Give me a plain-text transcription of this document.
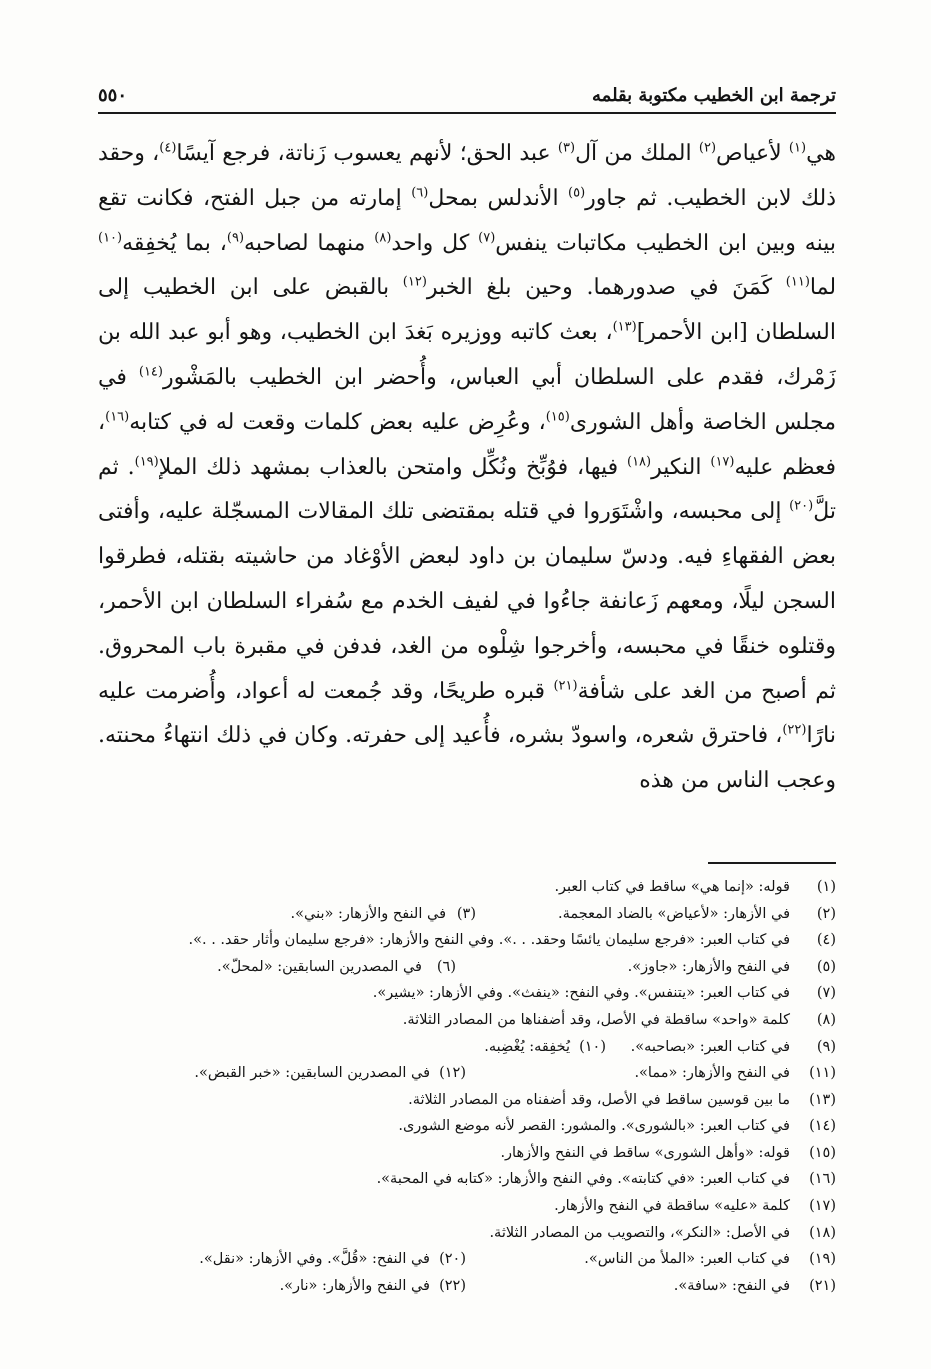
ترجمة ابن الخطيب مكتوبة بقلمه
٥٥٠

هي$^{(١)}$ لأعياص$^{(٢)}$ الملك من آل$^{(٣)}$ عبد الحق؛ لأنهم يعسوب زَناتة، فرجع آيسًا$^{(٤)}$، وحقد ذلك لابن الخطيب. ثم جاور$^{(٥)}$ الأندلس بمحل$^{(٦)}$ إمارته من جبل الفتح، فكانت تقع بينه وبين ابن الخطيب مكاتبات ينفس$^{(٧)}$ كل واحد$^{(٨)}$ منهما لصاحبه$^{(٩)}$، بما يُخفِقه$^{(١٠)}$ لما$^{(١١)}$ كَمَنَ في صدورهما. وحين بلغ الخبر$^{(١٢)}$ بالقبض على ابن الخطيب إلى السلطان [ابن الأحمر]$^{(١٣)}$، بعث كاتبه ووزيره بَغدَ ابن الخطيب، وهو أبو عبد الله بن زَمْرك، فقدم على السلطان أبي العباس، وأُحضر ابن الخطيب بالمَشْور$^{(١٤)}$ في مجلس الخاصة وأهل الشورى$^{(١٥)}$، وعُرِض عليه بعض كلمات وقعت له في كتابه$^{(١٦)}$، فعظم عليه$^{(١٧)}$ النكير$^{(١٨)}$ فيها، فوُبِّخ ونُكِّل وامتحن بالعذاب بمشهد ذلك الملإ$^{(١٩)}$. ثم تلَّ$^{(٢٠)}$ إلى محبسه، واشْتَوَروا في قتله بمقتضى تلك المقالات المسجّلة عليه، وأفتى بعض الفقهاءِ فيه. ودسّ سليمان بن داود لبعض الأوْغاد من حاشيته بقتله، فطرقوا السجن ليلًا، ومعهم زَعانفة جاءُوا في لفيف الخدم مع سُفراء السلطان ابن الأحمر، وقتلوه خنقًا في محبسه، وأخرجوا شِلْوه من الغد، فدفن في مقبرة باب المحروق. ثم أصبح من الغد على شأفة$^{(٢١)}$ قبره طريحًا، وقد جُمعت له أعواد، وأُضرمت عليه نارًا$^{(٢٢)}$، فاحترق شعره، واسودّ بشره، فأُعيد إلى حفرته. وكان في ذلك انتهاءُ محنته. وعجب الناس من هذه

(١)
قوله: «إنما هي» ساقط في كتاب العبر.
(٢)
في الأزهار: «لأعياض» بالضاد المعجمة.
(٣)
في النفح والأزهار: «بني».
(٤)
في كتاب العبر: «فرجع سليمان يائسًا وحقد. . .». وفي النفح والأزهار: «فرجع سليمان وأثار حقد. . .».
(٥)
في النفح والأزهار: «جاوز».
(٦)
في المصدرين السابقين: «لمحلّ».
(٧)
في كتاب العبر: «يتنفس». وفي النفح: «ينفث». وفي الأزهار: «يشير».
(٨)
كلمة «واحد» ساقطة في الأصل، وقد أضفناها من المصادر الثلاثة.
(٩)
في كتاب العبر: «بصاحبه».
(١٠)
يُخفِقه: يُغْضِبه.
(١١)
في النفح والأزهار: «مما».
(١٢)
في المصدرين السابقين: «خبر القبض».
(١٣)
ما بين قوسين ساقط في الأصل، وقد أضفناه من المصادر الثلاثة.
(١٤)
في كتاب العبر: «بالشورى». والمشور: القصر لأنه موضع الشورى.
(١٥)
قوله: «وأهل الشورى» ساقط في النفح والأزهار.
(١٦)
في كتاب العبر: «في كتابته». وفي النفح والأزهار: «كتابه في المحبة».
(١٧)
كلمة «عليه» ساقطة في النفح والأزهار.
(١٨)
في الأصل: «النكر»، والتصويب من المصادر الثلاثة.
(١٩)
في كتاب العبر: «الملأ من الناس».
(٢٠)
في النفح: «قُلَّ». وفي الأزهار: «نقل».
(٢١)
في النفح: «سافة».
(٢٢)
في النفح والأزهار: «نار».
